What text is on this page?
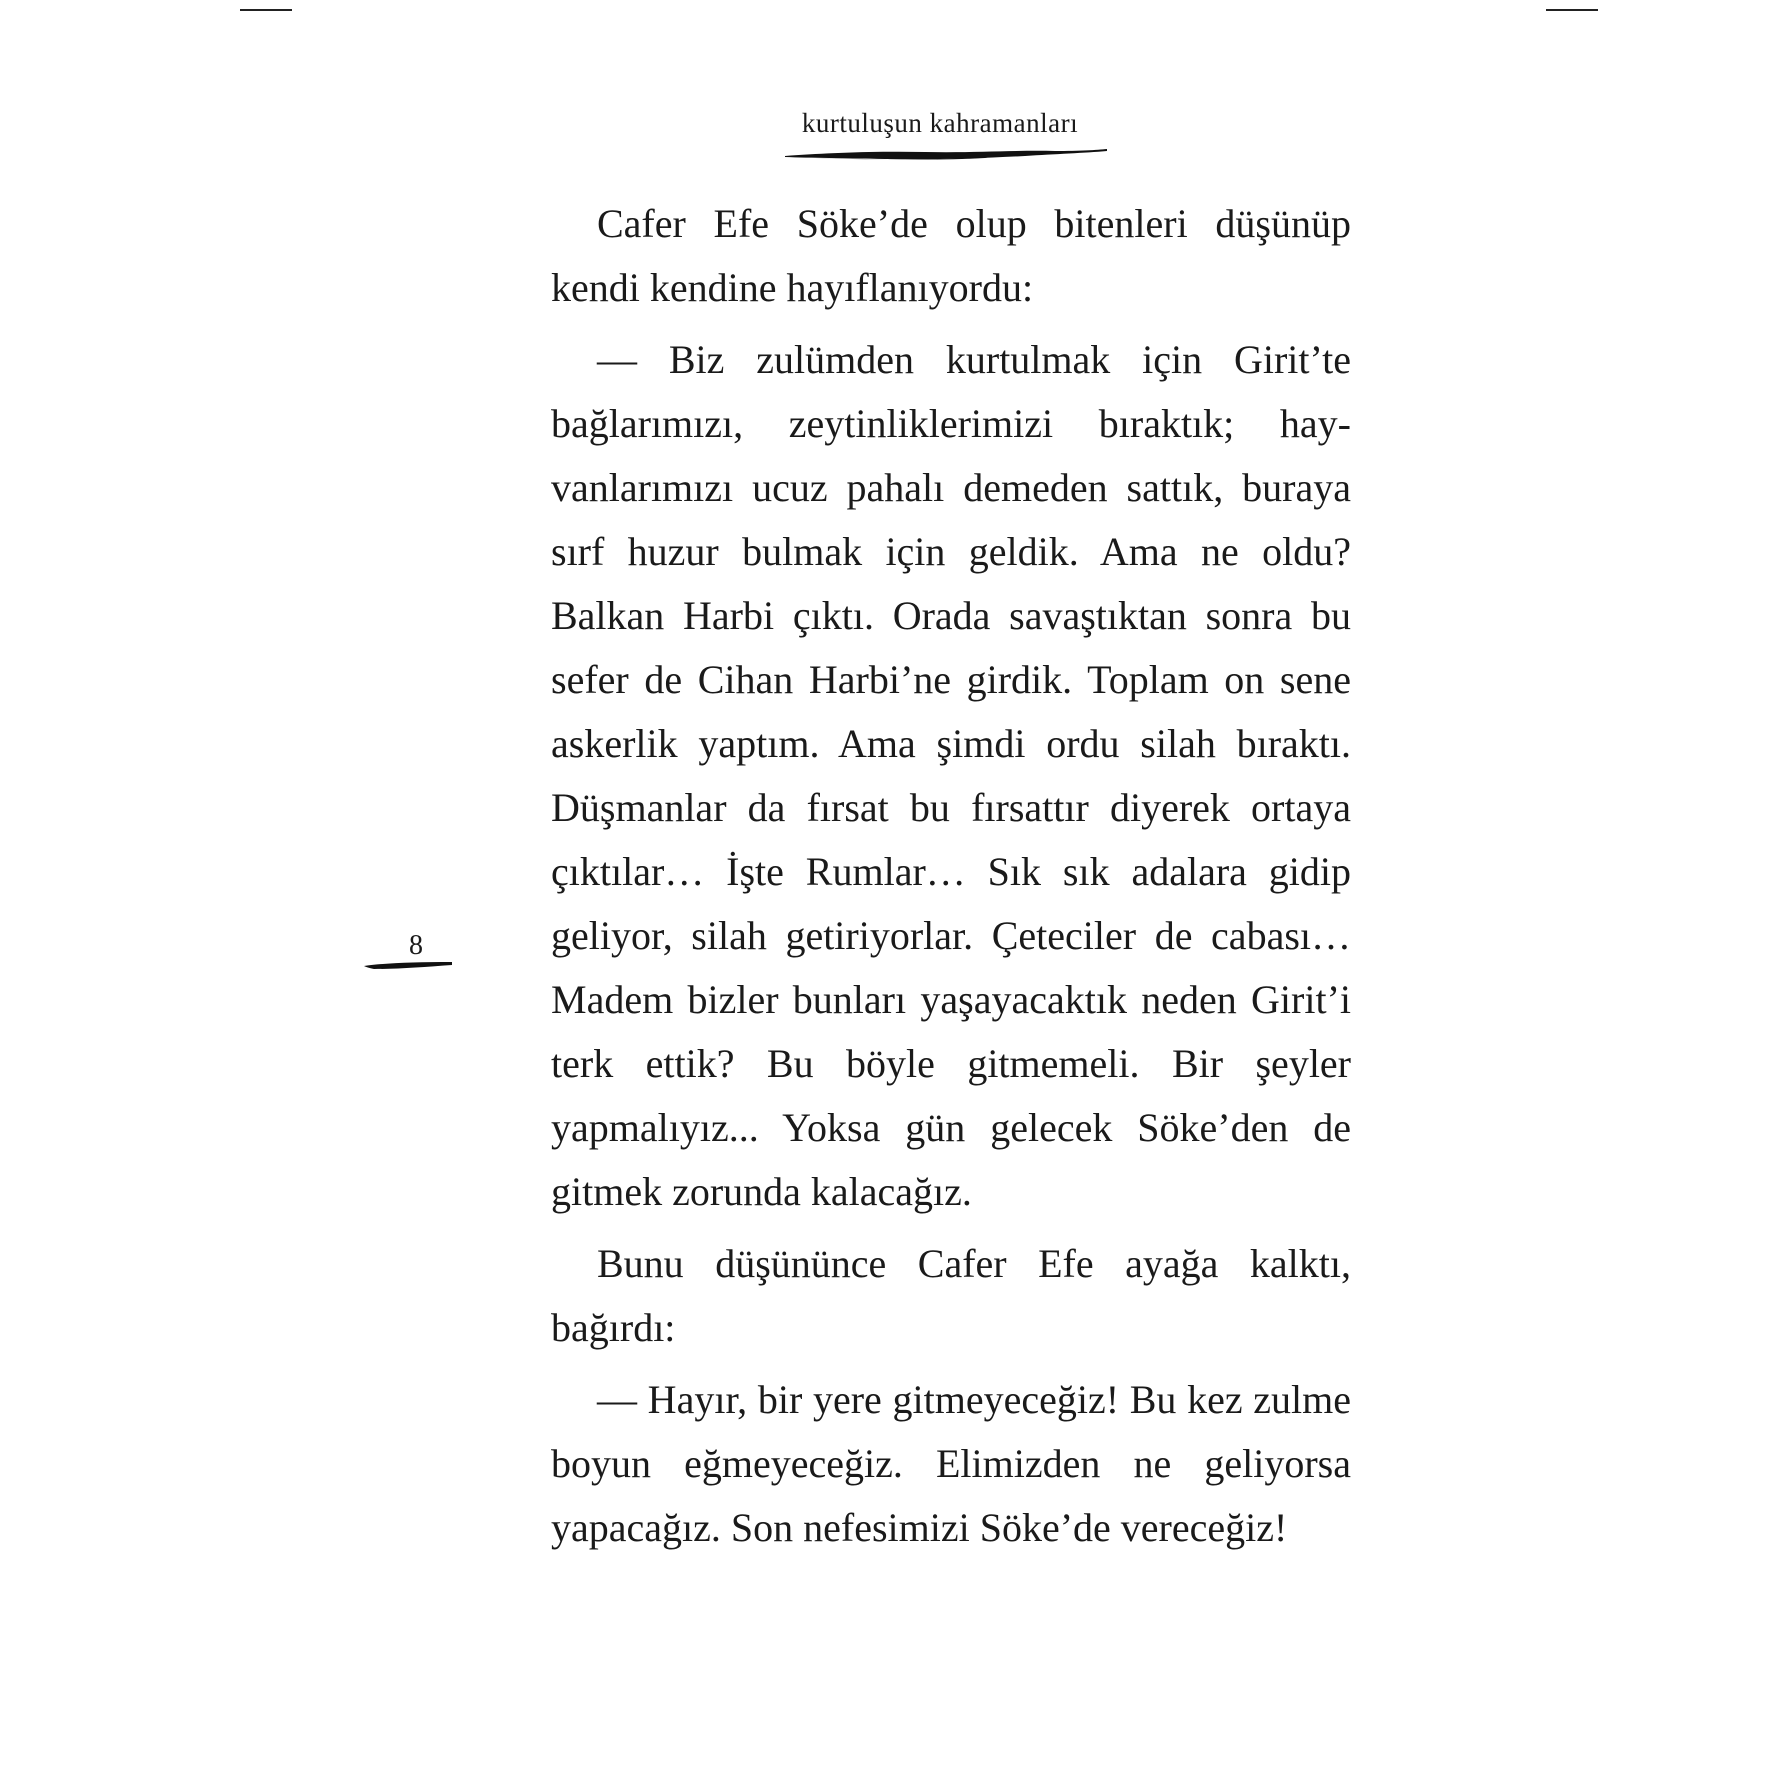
kurtuluşun kahramanları
8

Cafer Efe Söke’de olup bitenleri düşünüp kendi kendine hayıflanıyordu:

— Biz zulümden kurtulmak için Girit’te bağlarımızı, zeytinliklerimizi bıraktık; hayvanlarımızı ucuz pahalı demeden sattık, buraya sırf huzur bulmak için geldik. Ama ne oldu? Balkan Harbi çıktı. Orada savaştıktan sonra bu sefer de Cihan Harbi’ne girdik. Toplam on sene askerlik yaptım. Ama şimdi ordu silah bıraktı. Düşmanlar da fırsat bu fırsattır diyerek ortaya çıktılar… İşte Rumlar… Sık sık adalara gidip geliyor, silah getiriyorlar. Çeteciler de cabası… Madem bizler bunları yaşayacaktık neden Girit’i terk ettik? Bu böyle gitmemeli. Bir şeyler yapmalıyız... Yoksa gün gelecek Söke’den de gitmek zorunda kalacağız.

Bunu düşününce Cafer Efe ayağa kalktı, bağırdı:

— Hayır, bir yere gitmeyeceğiz! Bu kez zulme boyun eğmeyeceğiz. Elimizden ne geliyorsa yapacağız. Son nefesimizi Söke’de vereceğiz!
